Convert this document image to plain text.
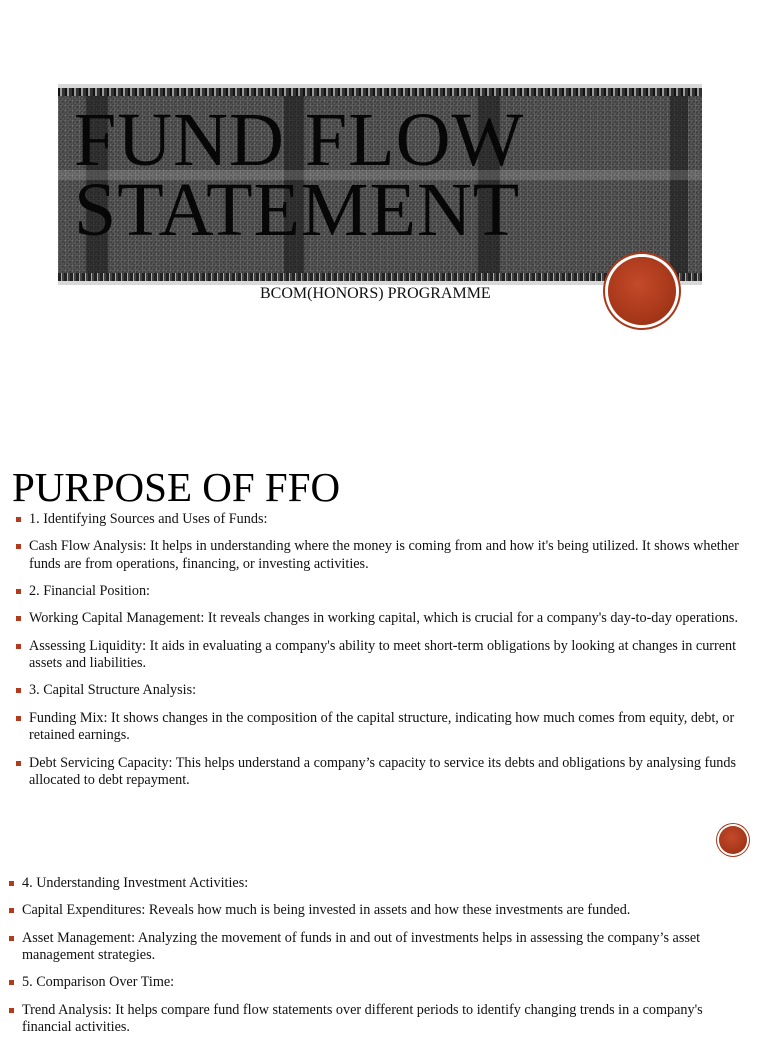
FUND FLOW
STATEMENT
BCOM(HONORS) PROGRAMME
PURPOSE OF FFO
1. Identifying Sources and Uses of Funds:
Cash Flow Analysis: It helps in understanding where the money is coming from and how it's being utilized. It shows whether funds are from operations, financing, or investing activities.
2. Financial Position:
Working Capital Management: It reveals changes in working capital, which is crucial for a company's day-to-day operations.
Assessing Liquidity: It aids in evaluating a company's ability to meet short-term obligations by looking at changes in current assets and liabilities.
3. Capital Structure Analysis:
Funding Mix: It shows changes in the composition of the capital structure, indicating how much comes from equity, debt, or retained earnings.
Debt Servicing Capacity: This helps understand a company’s capacity to service its debts and obligations by analysing funds allocated to debt repayment.
4. Understanding Investment Activities:
Capital Expenditures: Reveals how much is being invested in assets and how these investments are funded.
Asset Management: Analyzing the movement of funds in and out of investments helps in assessing the company’s asset management strategies.
5. Comparison Over Time:
Trend Analysis: It helps compare fund flow statements over different periods to identify changing trends in a company's financial activities.
